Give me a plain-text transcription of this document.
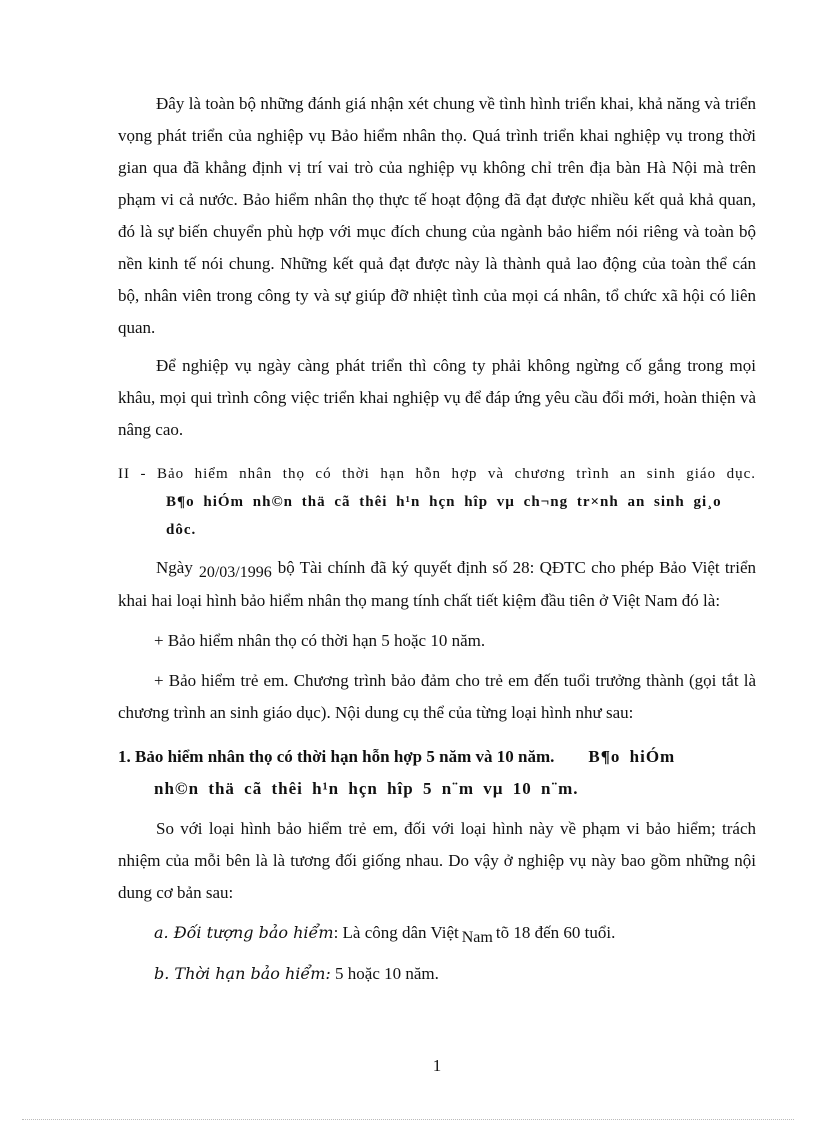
Đây là toàn bộ những đánh giá nhận xét chung về tình hình triển khai, khả năng và triển vọng phát triển của nghiệp vụ Bảo hiểm nhân thọ. Quá trình triển khai nghiệp vụ trong thời gian qua đã khẳng định vị trí vai trò của nghiệp vụ không chỉ trên địa bàn Hà Nội mà trên phạm vi cả nước. Bảo hiểm nhân thọ thực tế hoạt động đã đạt được nhiều kết quả khả quan, đó là sự biến chuyển phù hợp với mục đích chung của ngành bảo hiểm nói riêng và toàn bộ nền kinh tế nói chung. Những kết quả đạt được này là thành quả lao động của toàn thể cán bộ, nhân viên trong công ty và sự giúp đỡ nhiệt tình của mọi cá nhân, tổ chức xã hội có liên quan.

Để nghiệp vụ ngày càng phát triển thì công ty phải không ngừng cố gắng trong mọi khâu, mọi qui trình công việc triển khai nghiệp vụ để đáp ứng yêu cầu đổi mới, hoàn thiện và nâng cao.

II - Bảo hiểm nhân thọ có thời hạn hỗn hợp và chương trình an sinh giáo dục.

B¶o hiÓm nh©n thä cã thêi h¹n hçn hîp vµ ch¬ng tr×nh an sinh gi¸o dôc.

Ngày 20/03/1996 bộ Tài chính đã ký quyết định số 28: QĐTC cho phép Bảo Việt triển khai hai loại hình bảo hiểm nhân thọ mang tính chất tiết kiệm đầu tiên ở Việt Nam đó là:

+ Bảo hiểm nhân thọ có thời hạn 5 hoặc 10 năm.

+ Bảo hiểm trẻ em. Chương trình bảo đảm cho trẻ em đến tuổi trưởng thành (gọi tắt là chương trình an sinh giáo dục). Nội dung cụ thể của từng loại hình như sau:

1. Bảo hiểm nhân thọ có thời hạn hỗn hợp 5 năm và 10 năm. B¶o hiÓm
nh©n thä cã thêi h¹n hçn hîp 5 n¨m vµ 10 n¨m.

So với loại hình bảo hiểm trẻ em, đối với loại hình này về phạm vi bảo hiểm; trách nhiệm của mỗi bên là là tương đối giống nhau. Do vậy ở nghiệp vụ này bao gồm những nội dung cơ bản sau:

a. Đối tượng bảo hiểm: Là công dân Việt Nam tõ 18 đến 60 tuổi.

b. Thời hạn bảo hiểm: 5 hoặc 10 năm.

1
